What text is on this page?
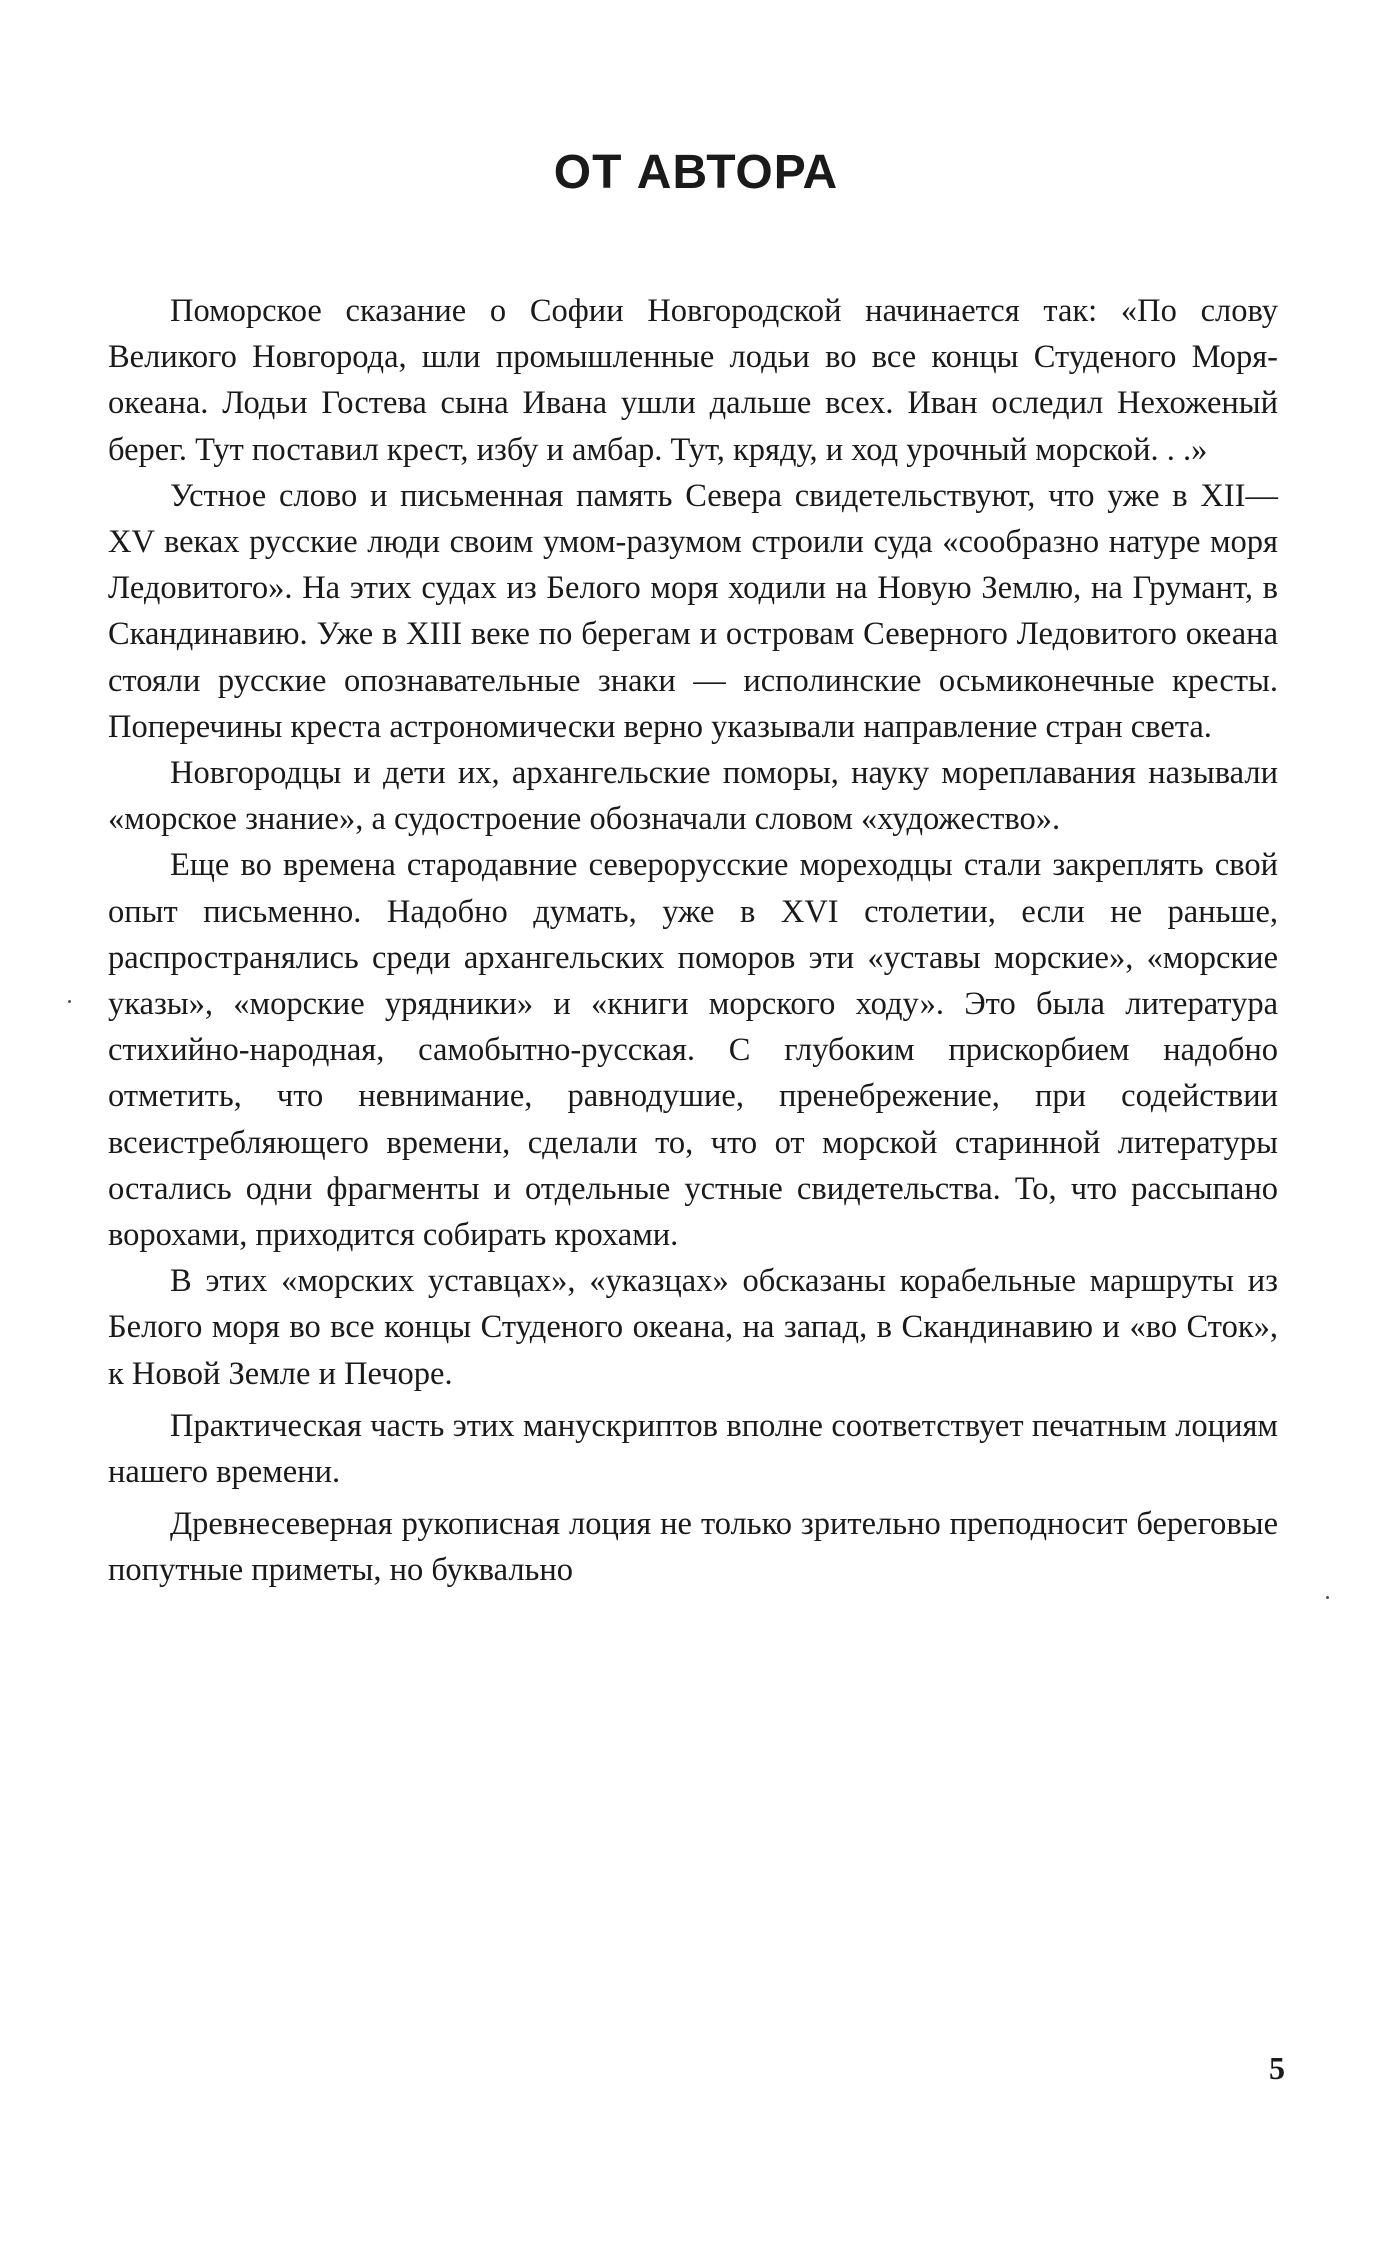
ОТ АВТОРА

Поморское сказание о Софии Новгородской начинается так: «По слову Великого Новгорода, шли промышленные лодьи во все концы Студеного Моря-океана. Лодьи Гостева сына Ивана ушли дальше всех. Иван оследил Нехоженый берег. Тут поставил крест, избу и амбар. Тут, кряду, и ход урочный морской. . .»

Устное слово и письменная память Севера свидетельствуют, что уже в XII—XV веках русские люди своим умом-разумом строили суда «сообразно натуре моря Ледовитого». На этих судах из Белого моря ходили на Новую Землю, на Грумант, в Скандинавию. Уже в XIII веке по берегам и островам Северного Ледовитого океана стояли русские опознавательные знаки — исполинские осьмиконечные кресты. Поперечины креста астрономически верно указывали направление стран света.

Новгородцы и дети их, архангельские поморы, науку мореплавания называли «морское знание», а судостроение обозначали словом «художество».

Еще во времена стародавние северорусские мореходцы стали закреплять свой опыт письменно. Надобно думать, уже в XVI столетии, если не раньше, распространялись среди архангельских поморов эти «уставы морские», «морские указы», «морские урядники» и «книги морского ходу». Это была литература стихийно-народная, самобытно-русская. С глубоким прискорбием надобно отметить, что невнимание, равнодушие, пренебрежение, при содействии всеистребляющего времени, сделали то, что от морской старинной литературы остались одни фрагменты и отдельные устные свидетельства. То, что рассыпано ворохами, приходится собирать крохами.

В этих «морских уставцах», «указцах» обсказаны корабельные маршруты из Белого моря во все концы Студеного океана, на запад, в Скандинавию и «во Сток», к Новой Земле и Печоре.

Практическая часть этих манускриптов вполне соответствует печатным лоциям нашего времени.

Древнесеверная рукописная лоция не только зрительно преподносит береговые попутные приметы, но буквально

5
